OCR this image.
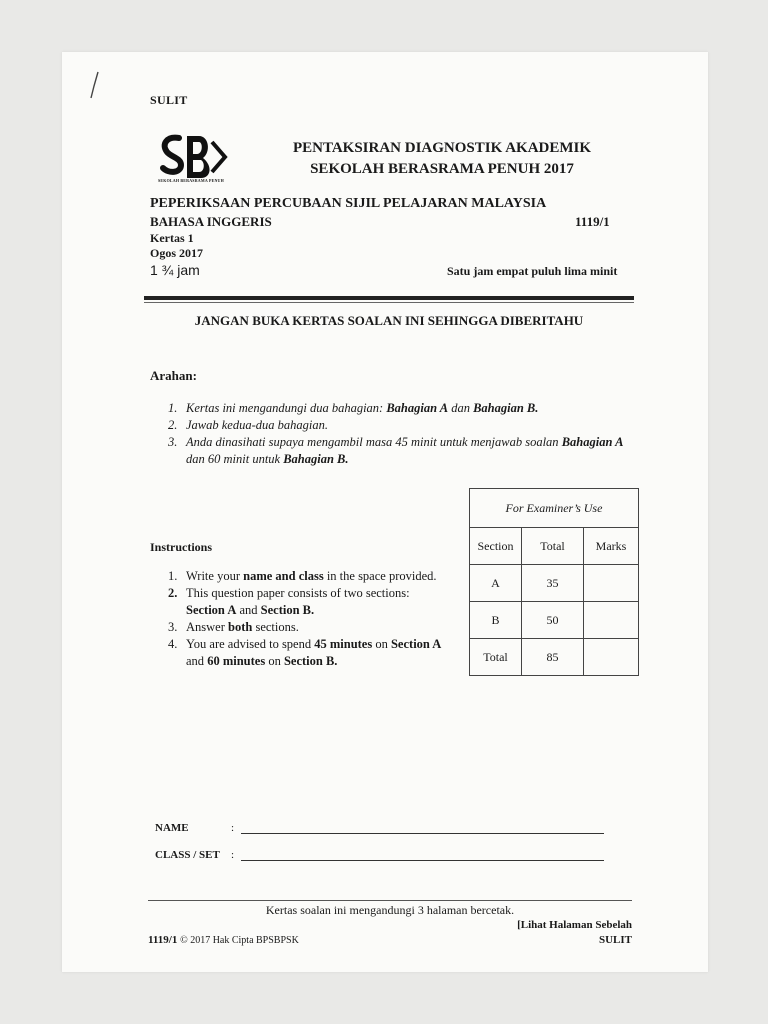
SULIT
SEKOLAH BERASRAMA PENUH
PENTAKSIRAN DIAGNOSTIK AKADEMIK
SEKOLAH BERASRAMA PENUH 2017
PEPERIKSAAN PERCUBAAN SIJIL PELAJARAN MALAYSIA
BAHASA INGGERIS	1119/1
Kertas 1
Ogos 2017
1 ¾ jam	Satu jam empat puluh lima minit
JANGAN BUKA KERTAS SOALAN INI SEHINGGA DIBERITAHU
Arahan:
1. Kertas ini mengandungi dua bahagian: Bahagian A dan Bahagian B.
2. Jawab kedua-dua bahagian.
3. Anda dinasihati supaya mengambil masa 45 minit untuk menjawab soalan Bahagian A dan 60 minit untuk Bahagian B.
For Examiner’s Use		
Section	Total	Marks
A	35	
B	50	
Total	85	
Instructions
1. Write your name and class in the space provided.
2. This question paper consists of two sections:
Section A and Section B.
3. Answer both sections.
4. You are advised to spend 45 minutes on Section A
and 60 minutes on Section B.
NAME	:
CLASS / SET :
Kertas soalan ini mengandungi 3 halaman bercetak.
[Lihat Halaman Sebelah
1119/1 © 2017 Hak Cipta BPSBPSK	SULIT
